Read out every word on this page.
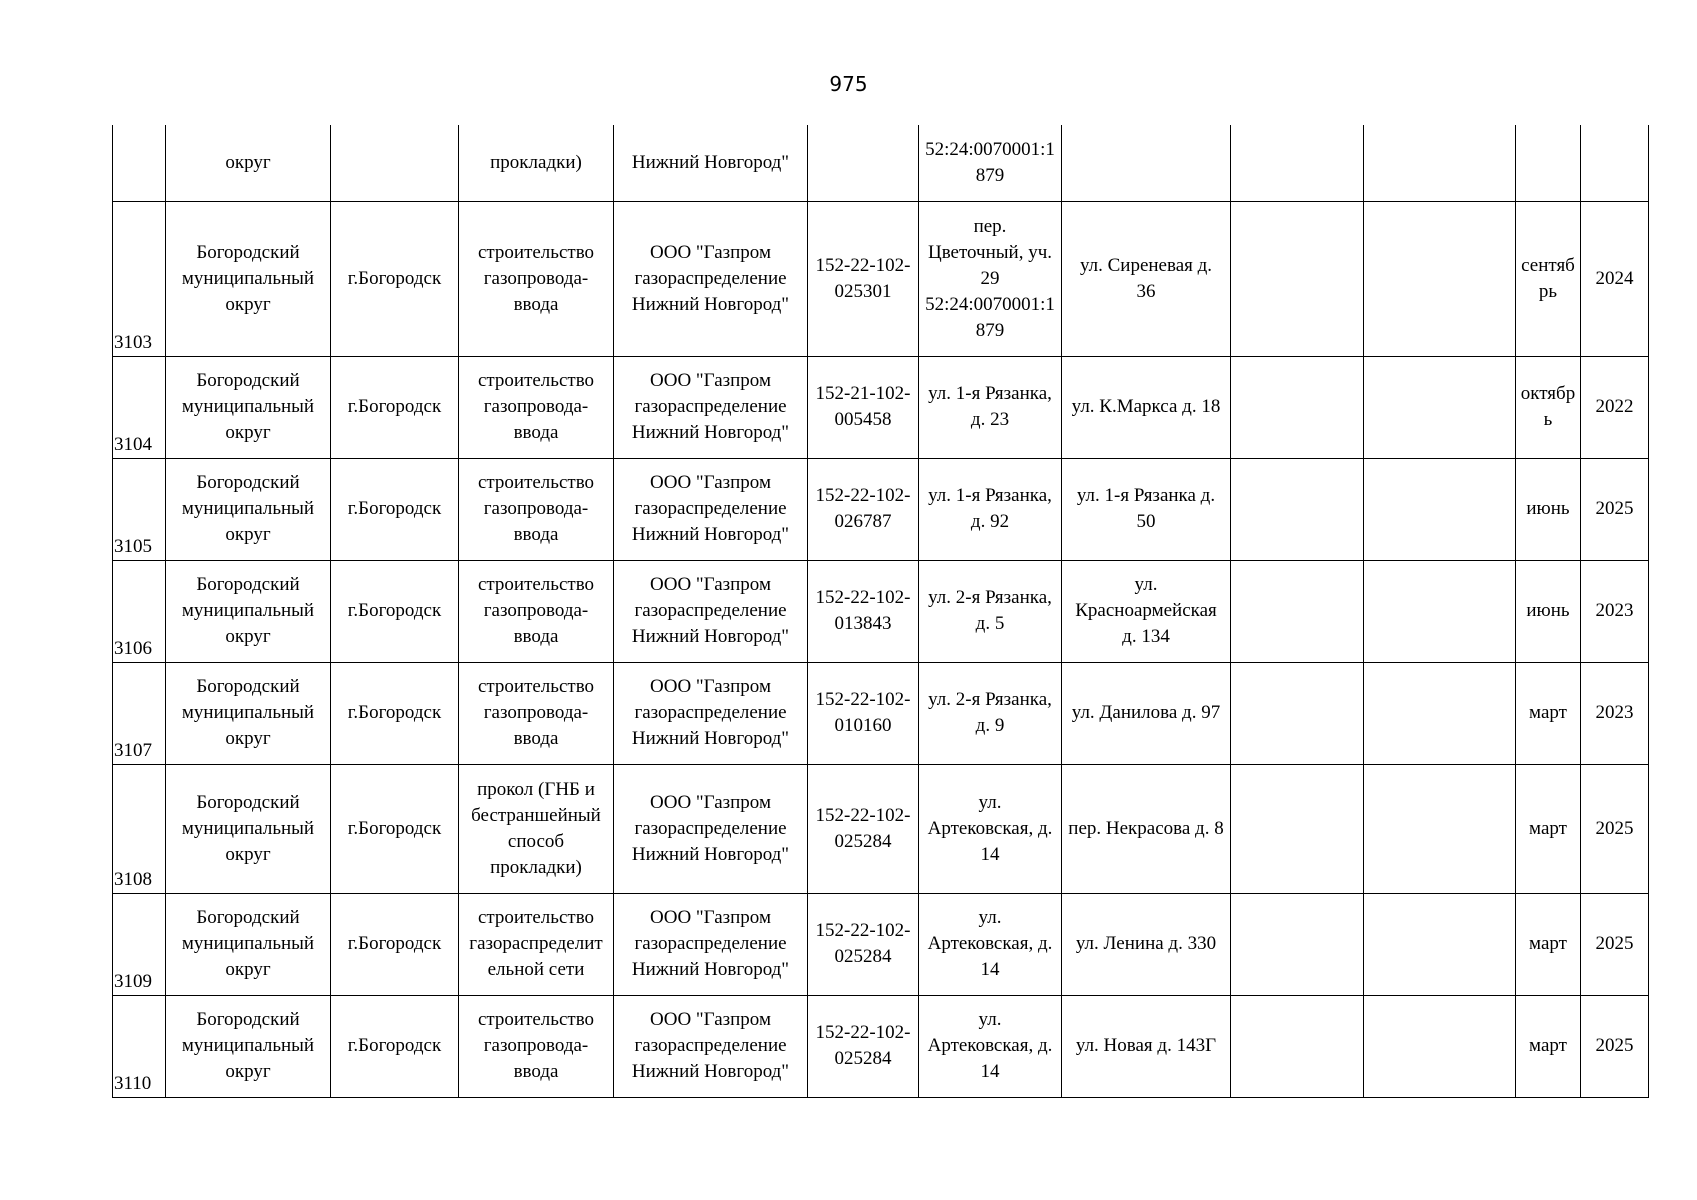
975
	округ		прокладки)	Нижний Новгород"		52:24:0070001:1
879					
3103	Богородский
муниципальный
округ	г.Богородск	строительство
газопровода-
ввода	ООО "Газпром
газораспределение
Нижний Новгород"	152-22-102-
025301	пер.
Цветочный, уч.
29
52:24:0070001:1
879	ул. Сиреневая д.
36			сентяб
рь	2024
3104	Богородский
муниципальный
округ	г.Богородск	строительство
газопровода-
ввода	ООО "Газпром
газораспределение
Нижний Новгород"	152-21-102-
005458	ул. 1-я Рязанка,
д. 23	ул. К.Маркса д. 18			октябр
ь	2022
3105	Богородский
муниципальный
округ	г.Богородск	строительство
газопровода-
ввода	ООО "Газпром
газораспределение
Нижний Новгород"	152-22-102-
026787	ул. 1-я Рязанка,
д. 92	ул. 1-я Рязанка д.
50			июнь	2025
3106	Богородский
муниципальный
округ	г.Богородск	строительство
газопровода-
ввода	ООО "Газпром
газораспределение
Нижний Новгород"	152-22-102-
013843	ул. 2-я Рязанка,
д. 5	ул.
Красноармейская
д. 134			июнь	2023
3107	Богородский
муниципальный
округ	г.Богородск	строительство
газопровода-
ввода	ООО "Газпром
газораспределение
Нижний Новгород"	152-22-102-
010160	ул. 2-я Рязанка,
д. 9	ул. Данилова д. 97			март	2023
3108	Богородский
муниципальный
округ	г.Богородск	прокол (ГНБ и
бестраншейный
способ
прокладки)	ООО "Газпром
газораспределение
Нижний Новгород"	152-22-102-
025284	ул.
Артековская, д.
14	пер. Некрасова д. 8			март	2025
3109	Богородский
муниципальный
округ	г.Богородск	строительство
газораспределит
ельной сети	ООО "Газпром
газораспределение
Нижний Новгород"	152-22-102-
025284	ул.
Артековская, д.
14	ул. Ленина д. 330			март	2025
3110	Богородский
муниципальный
округ	г.Богородск	строительство
газопровода-
ввода	ООО "Газпром
газораспределение
Нижний Новгород"	152-22-102-
025284	ул.
Артековская, д.
14	ул. Новая д. 143Г			март	2025
